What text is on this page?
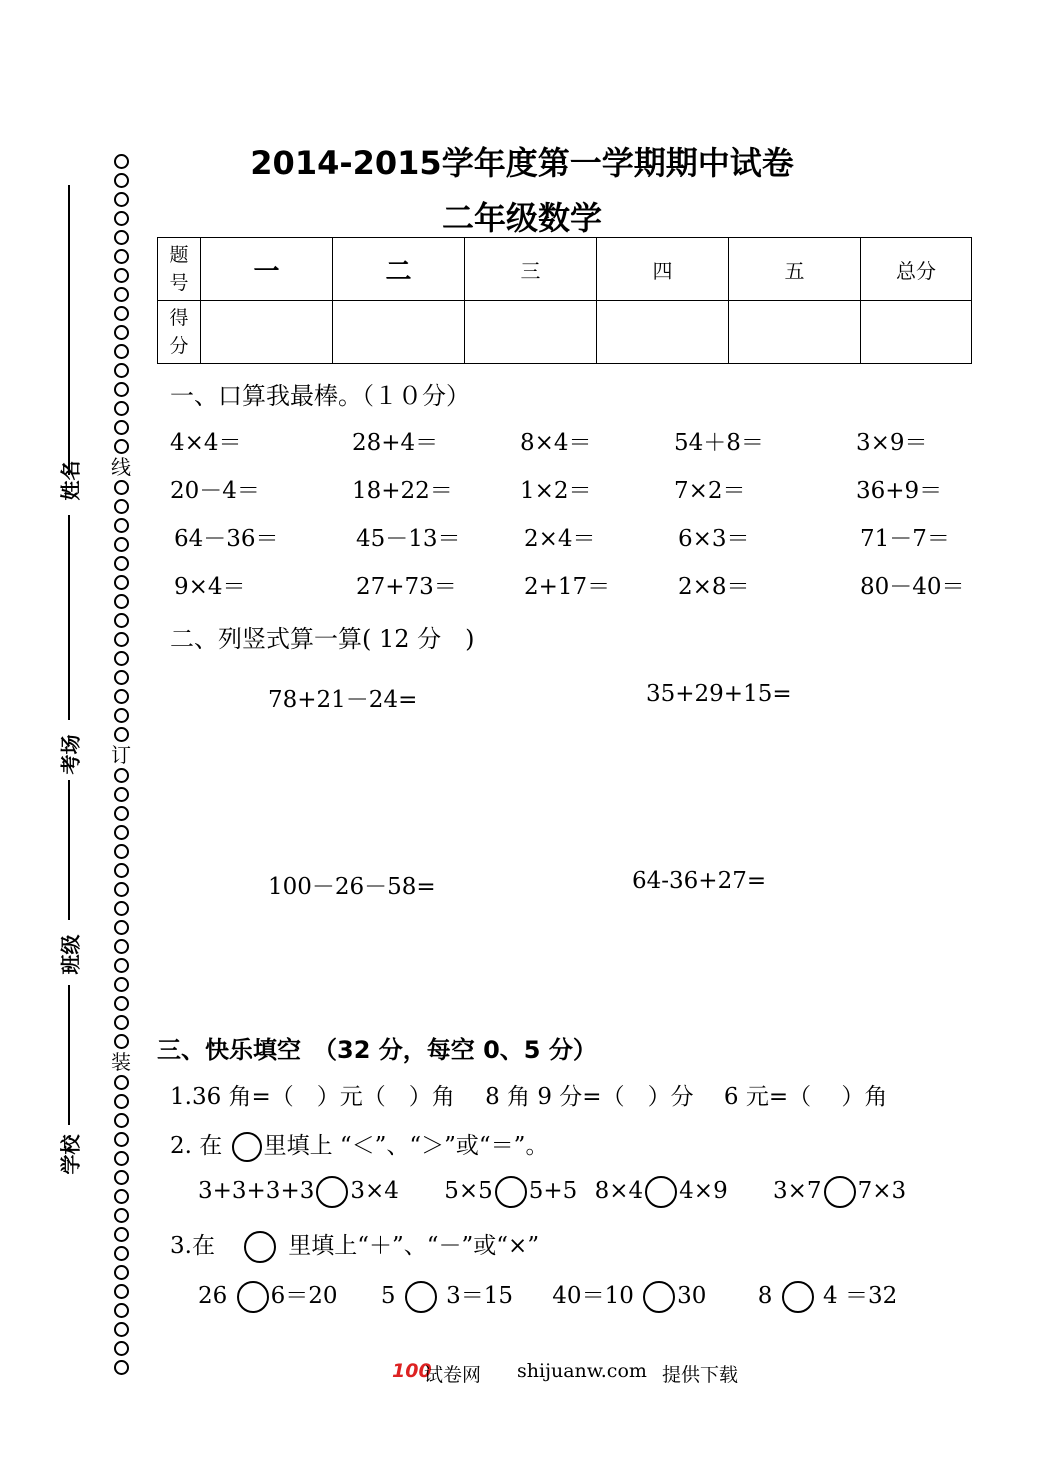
线
订
装
姓名
考场
班级
学校
2014-2015学年度第一学期期中试卷
二年级数学
题
号	一	二	三	四	五	总分

得
分						

一、口算我最棒。（１０分）
4×4＝	28+4＝	8×4＝	54＋8＝	3×9＝
20－4＝	18+22＝	1×2＝	7×2＝	36+9＝
64－36＝	45－13＝	2×4＝	6×3＝	71－7＝
9×4＝	27+73＝	2+17＝	2×8＝	80－40＝
二、列竖式算一算( 12 分　)
78+21－24=	35+29+15=
100－26－58=	64-36+27=
三、快乐填空　（32 分，每空 0、5 分）
1.36 角=（　）元（　）角　 8 角 9 分=（　）分　 6 元=（　 ）角
2. 在 里填上 “＜”、“＞”或“＝”。
3+3+3+3 3×4 5×5 5+5 8×4 4×9 3×7 7×3
3.在	里填上“＋”、“－”或“×”
26 6＝20 5 3＝15 40＝10 30 8 4 ＝32
100
试卷网 shijuanw.com 提供下载
